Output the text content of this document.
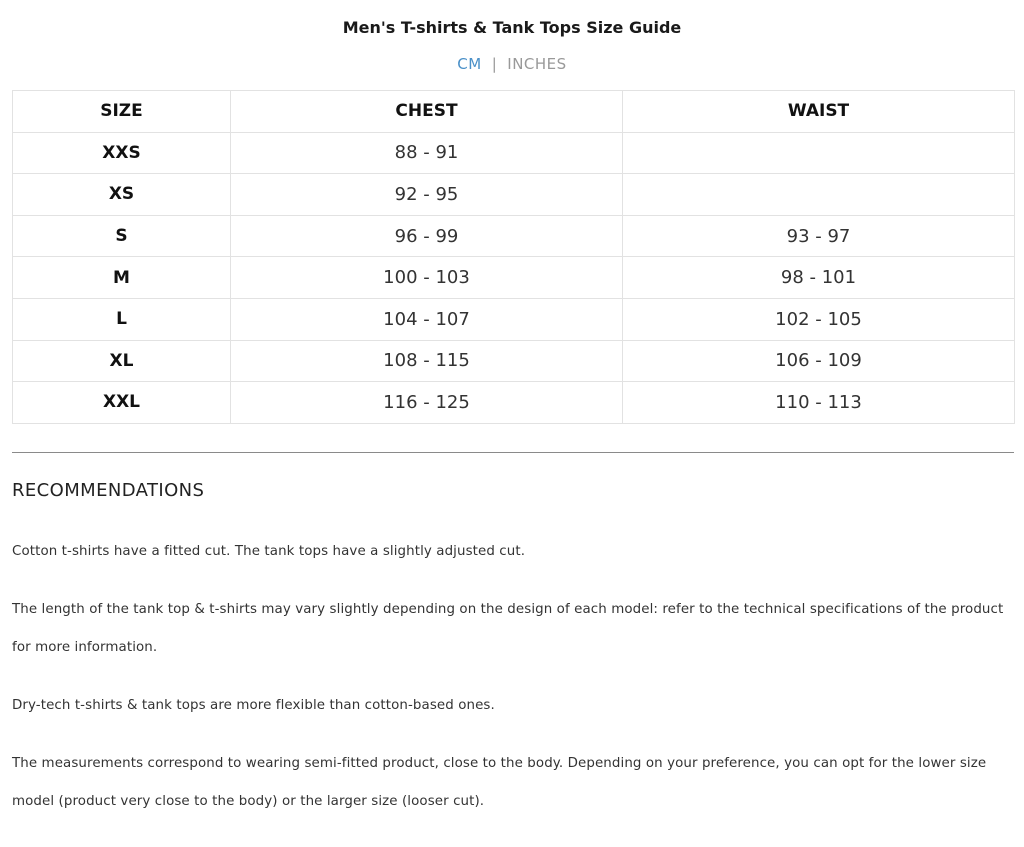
Men's T-shirts & Tank Tops Size Guide
CM | INCHES
SIZE	CHEST	WAIST
XXS	88 - 91	
XS	92 - 95	
S	96 - 99	93 - 97
M	100 - 103	98 - 101
L	104 - 107	102 - 105
XL	108 - 115	106 - 109
XXL	116 - 125	110 - 113
RECOMMENDATIONS

Cotton t-shirts have a fitted cut. The tank tops have a slightly adjusted cut.

The length of the tank top & t-shirts may vary slightly depending on the design of each model: refer to the technical specifications of the product for more information.

Dry-tech t-shirts & tank tops are more flexible than cotton-based ones.

The measurements correspond to wearing semi-fitted product, close to the body. Depending on your preference, you can opt for the lower size model (product very close to the body) or the larger size (looser cut).
